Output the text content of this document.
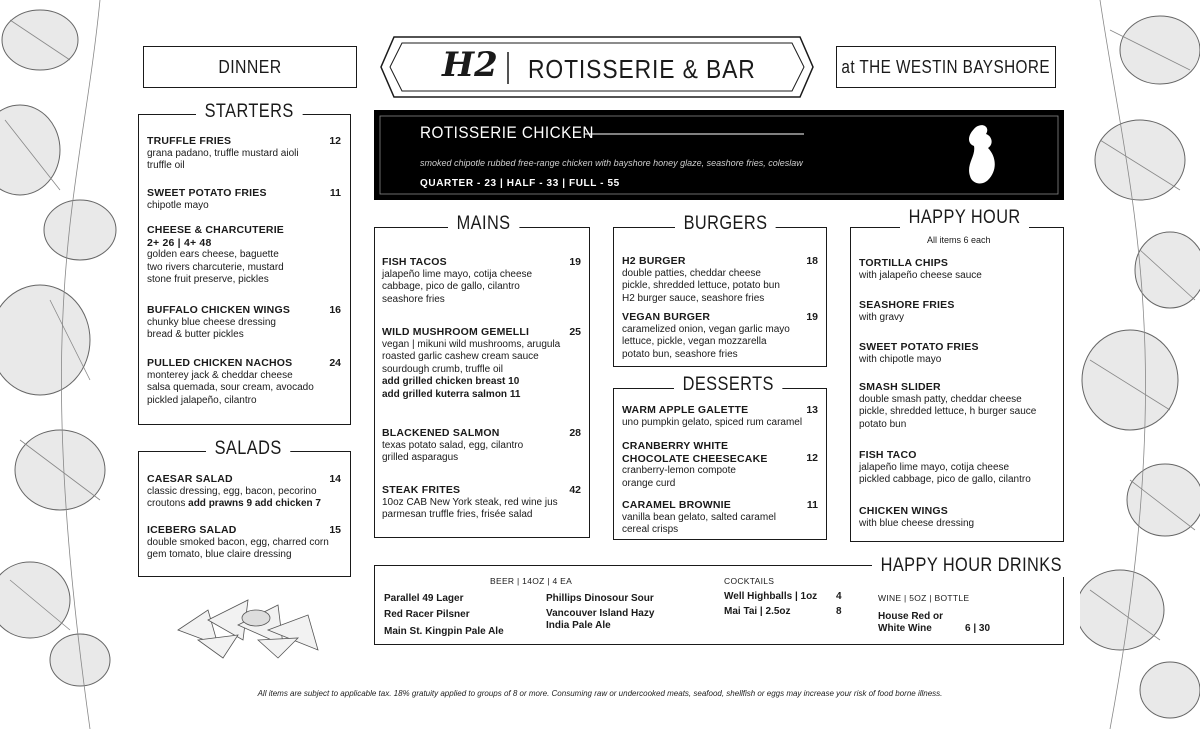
DINNER	H2 ROTISSERIE & BAR	at THE WESTIN BAYSHORE
ROTISSERIE CHICKEN
smoked chipotle rubbed free-range chicken with bayshore honey glaze, seashore fries, coleslaw
QUARTER - 23 | HALF - 33 | FULL - 55
STARTERS
TRUFFLE FRIES	12
grana padano, truffle mustard aioli
truffle oil
SWEET POTATO FRIES	11
chipotle mayo
CHEESE & CHARCUTERIE
2+ 26 | 4+ 48
golden ears cheese, baguette
two rivers charcuterie, mustard
stone fruit preserve, pickles
BUFFALO CHICKEN WINGS	16
chunky blue cheese dressing
bread & butter pickles
PULLED CHICKEN NACHOS	24
monterey jack & cheddar cheese
salsa quemada, sour cream, avocado
pickled jalapeño, cilantro
SALADS
CAESAR SALAD	14
classic dressing, egg, bacon, pecorino
croutons add prawns 9 add chicken 7
ICEBERG SALAD	15
double smoked bacon, egg, charred corn
gem tomato, blue claire dressing
MAINS
FISH TACOS	19
jalapeño lime mayo, cotija cheese
cabbage, pico de gallo, cilantro
seashore fries
WILD MUSHROOM GEMELLI	25
vegan | mikuni wild mushrooms, arugula
roasted garlic cashew cream sauce
sourdough crumb, truffle oil
add grilled chicken breast 10
add grilled kuterra salmon 11
BLACKENED SALMON	28
texas potato salad, egg, cilantro
grilled asparagus
STEAK FRITES	42
10oz CAB New York steak, red wine jus
parmesan truffle fries, frisée salad
BURGERS
H2 BURGER	18
double patties, cheddar cheese
pickle, shredded lettuce, potato bun
H2 burger sauce, seashore fries
VEGAN BURGER	19
caramelized onion, vegan garlic mayo
lettuce, pickle, vegan mozzarella
potato bun, seashore fries
DESSERTS
WARM APPLE GALETTE	13
uno pumpkin gelato, spiced rum caramel
CRANBERRY WHITE
CHOCOLATE CHEESECAKE	12
cranberry-lemon compote
orange curd
CARAMEL BROWNIE	11
vanilla bean gelato, salted caramel
cereal crisps
HAPPY HOUR
All items 6 each
TORTILLA CHIPS
with jalapeño cheese sauce
SEASHORE FRIES
with gravy
SWEET POTATO FRIES
with chipotle mayo
SMASH SLIDER
double smash patty, cheddar cheese
pickle, shredded lettuce, h burger sauce
potato bun
FISH TACO
jalapeño lime mayo, cotija cheese
pickled cabbage, pico de gallo, cilantro
CHICKEN WINGS
with blue cheese dressing
HAPPY HOUR DRINKS
BEER | 14OZ | 4 EA
Parallel 49 Lager
Red Racer Pilsner
Main St. Kingpin Pale Ale
Phillips Dinosour Sour
Vancouver Island Hazy
India Pale Ale
COCKTAILS
Well Highballs | 1oz 4
Mai Tai | 2.5oz	8
WINE | 5OZ | BOTTLE
House Red or
White Wine	6 | 30
All items are subject to applicable tax. 18% gratuity applied to groups of 8 or more. Consuming raw or undercooked meats, seafood, shellfish or eggs may increase your risk of food borne illness.
